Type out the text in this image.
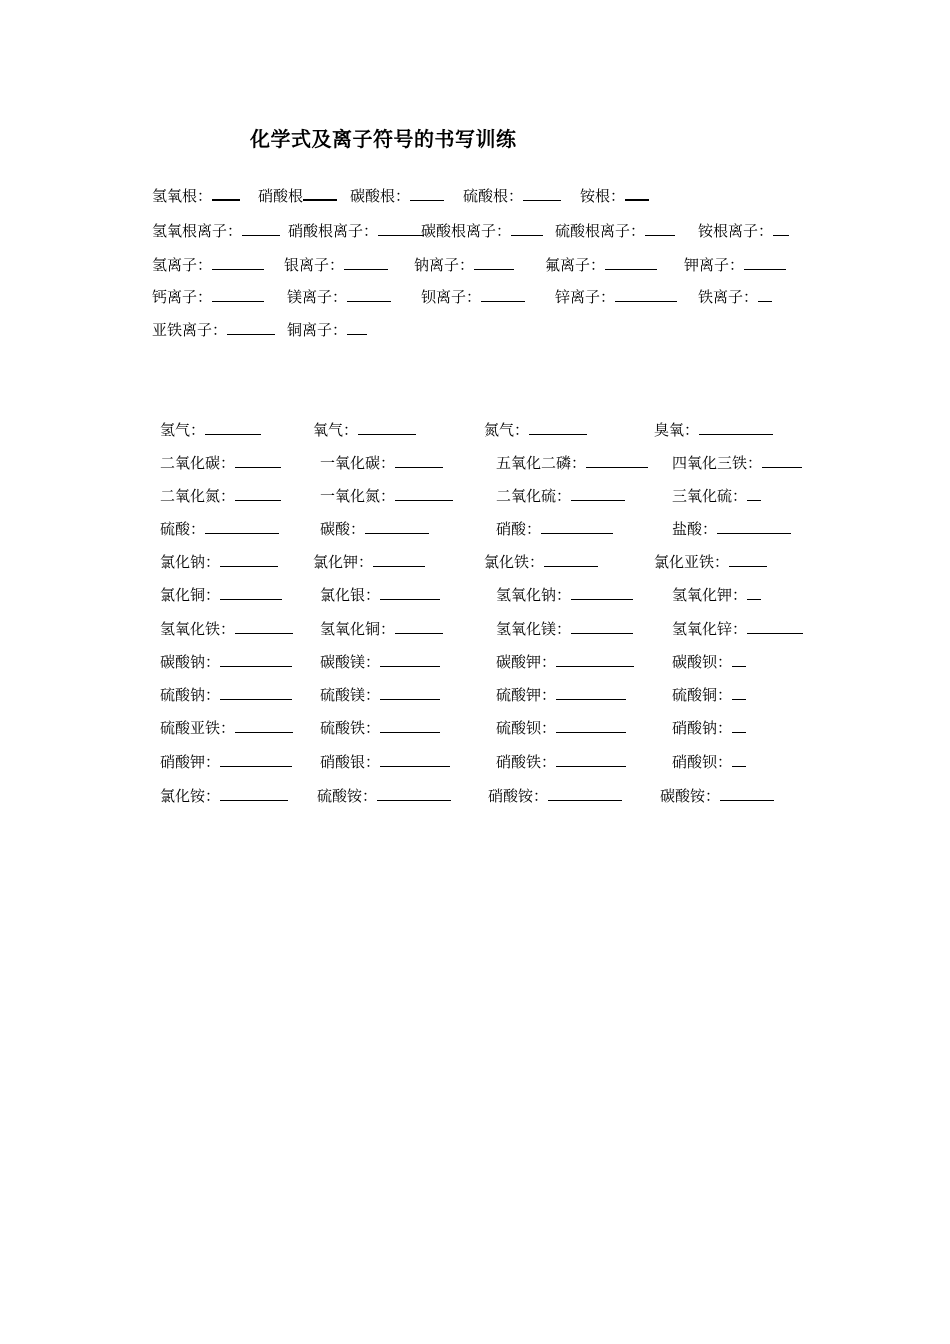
化学式及离子符号的书写训练
氢氧根：	硝酸根	碳酸根：	硫酸根：	铵根：
氢氧根离子：	硝酸根离子：	碳酸根离子：	硫酸根离子：	铵根离子：
氢离子：	银离子：	钠离子：	氟离子：	钾离子：
钙离子：	镁离子：	钡离子：	锌离子：	铁离子：
亚铁离子：	铜离子：
氢气：	氧气：	氮气：	臭氧：
二氧化碳：	一氧化碳：	五氧化二磷：	四氧化三铁：
二氧化氮：	一氧化氮：	二氧化硫：	三氧化硫：
硫酸：	碳酸：	硝酸：	盐酸：
氯化钠：	氯化钾：	氯化铁：	氯化亚铁：
氯化铜：	氯化银：	氢氧化钠：	氢氧化钾：
氢氧化铁：	氢氧化铜：	氢氧化镁：	氢氧化锌：
碳酸钠：	碳酸镁：	碳酸钾：	碳酸钡：
硫酸钠：	硫酸镁：	硫酸钾：	硫酸铜：
硫酸亚铁：	硫酸铁：	硫酸钡：	硝酸钠：
硝酸钾：	硝酸银：	硝酸铁：	硝酸钡：
氯化铵：	硫酸铵：	硝酸铵：	碳酸铵：
